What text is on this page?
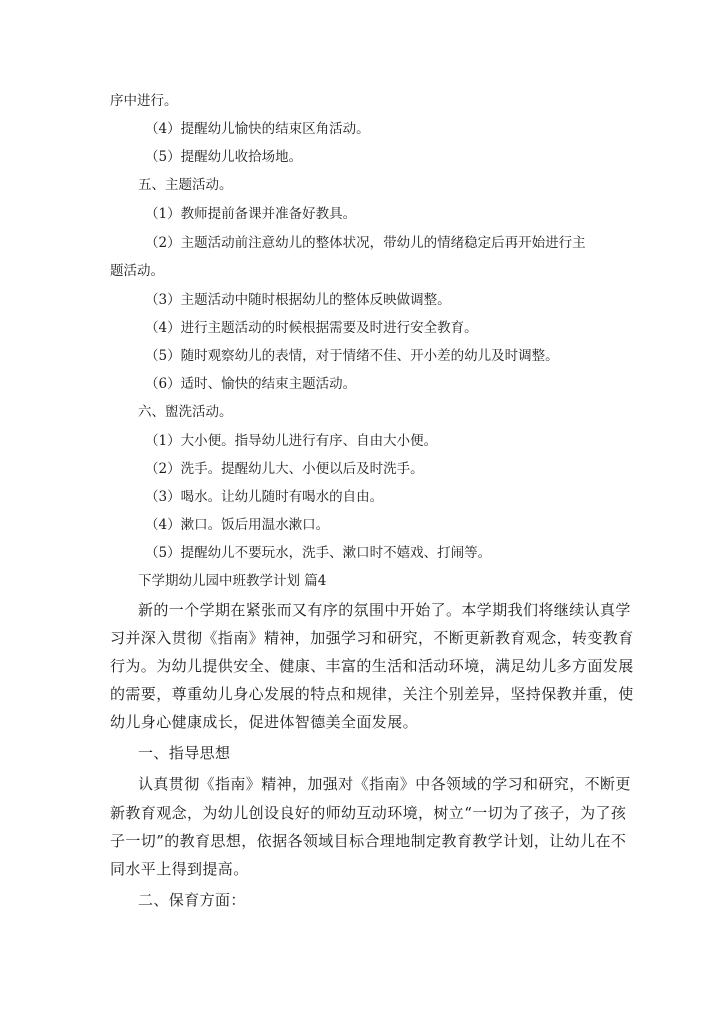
序中进行。
（4）提醒幼儿愉快的结束区角活动。
（5）提醒幼儿收拾场地。
五、主题活动。
（1）教师提前备课并准备好教具。
（2）主题活动前注意幼儿的整体状况，带幼儿的情绪稳定后再开始进行主
题活动。
（3）主题活动中随时根据幼儿的整体反映做调整。
（4）进行主题活动的时候根据需要及时进行安全教育。
（5）随时观察幼儿的表情，对于情绪不佳、开小差的幼儿及时调整。
（6）适时、愉快的结束主题活动。
六、盥洗活动。
（1）大小便。指导幼儿进行有序、自由大小便。
（2）洗手。提醒幼儿大、小便以后及时洗手。
（3）喝水。让幼儿随时有喝水的自由。
（4）漱口。饭后用温水漱口。
（5）提醒幼儿不要玩水，洗手、漱口时不嬉戏、打闹等。
下学期幼儿园中班教学计划 篇4
新的一个学期在紧张而又有序的氛围中开始了。本学期我们将继续认真学
习并深入贯彻《指南》精神，加强学习和研究，不断更新教育观念，转变教育
行为。为幼儿提供安全、健康、丰富的生活和活动环境，满足幼儿多方面发展
的需要，尊重幼儿身心发展的特点和规律，关注个别差异，坚持保教并重，使
幼儿身心健康成长，促进体智德美全面发展。
一、指导思想
认真贯彻《指南》精神，加强对《指南》中各领域的学习和研究，不断更
新教育观念，为幼儿创设良好的师幼互动环境，树立“一切为了孩子，为了孩
子一切”的教育思想，依据各领域目标合理地制定教育教学计划，让幼儿在不
同水平上得到提高。
二、保育方面：
